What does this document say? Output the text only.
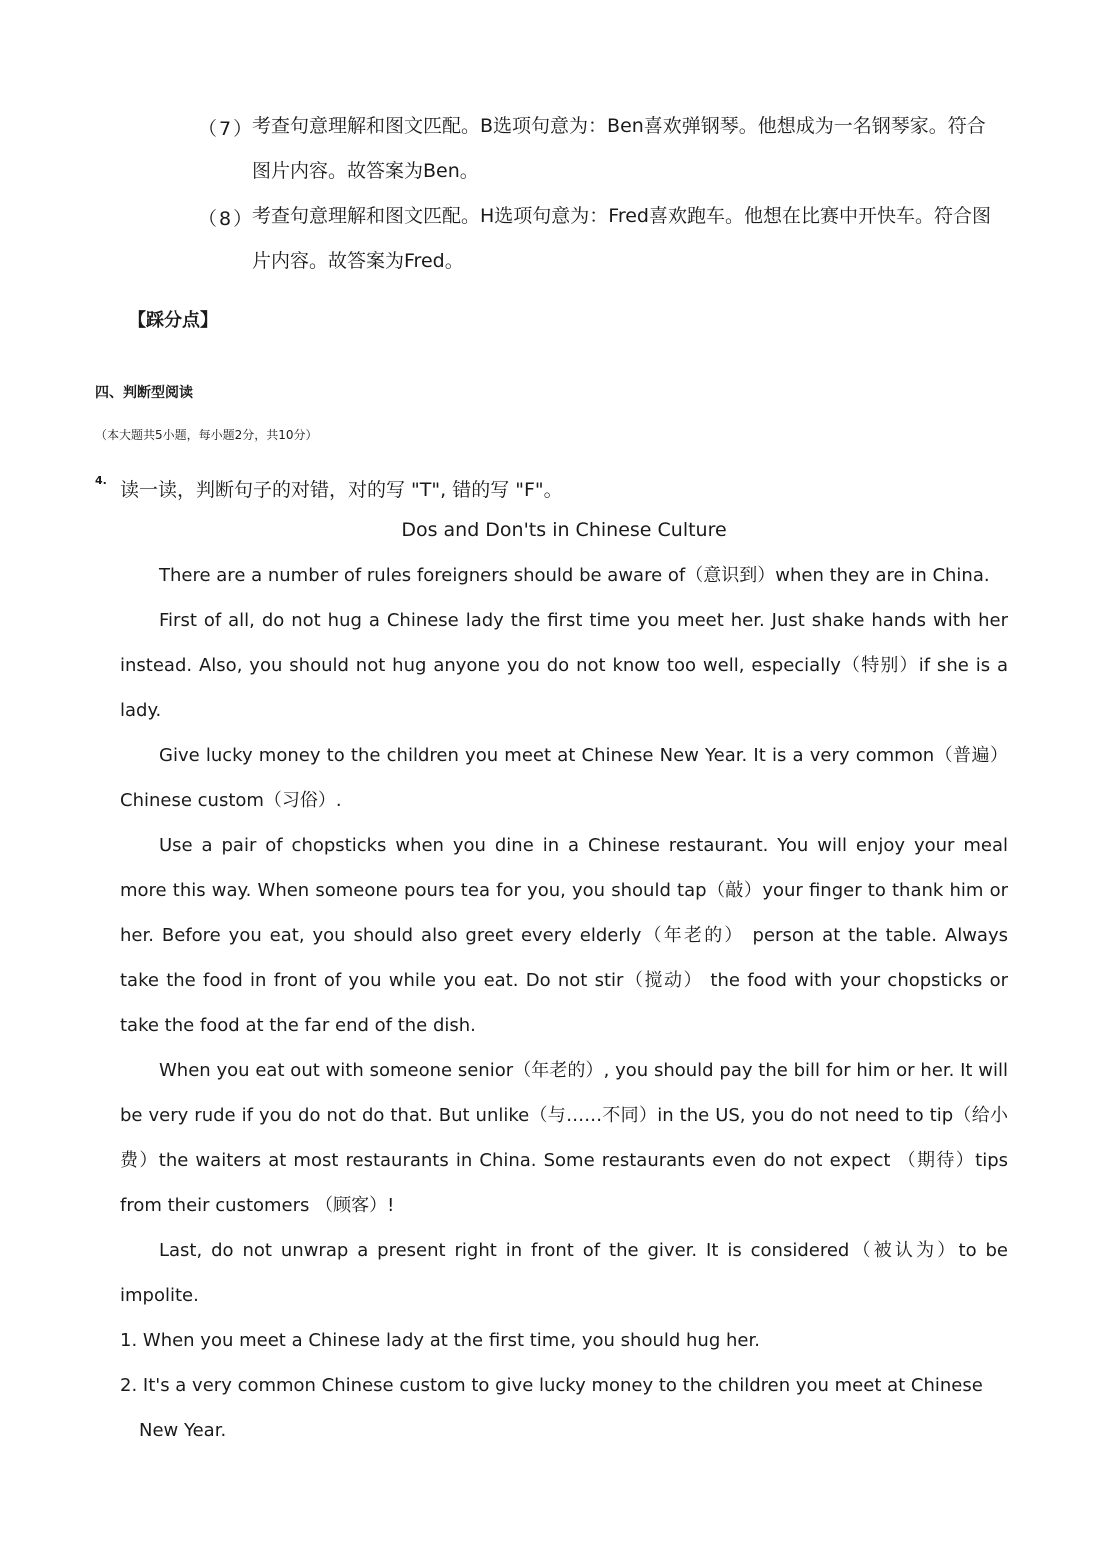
（7）

考查句意理解和图文匹配。B选项句意为：Ben喜欢弹钢琴。他想成为一名钢琴家。符合图片内容。故答案为Ben。

（8）

考查句意理解和图文匹配。H选项句意为：Fred喜欢跑车。他想在比赛中开快车。符合图片内容。故答案为Fred。

【踩分点】
四、判断型阅读
（本大题共5小题，每小题2分，共10分）
4. 读一读，判断句子的对错，对的写 "T", 错的写 "F"。
Dos and Don'ts in Chinese Culture

There are a number of rules foreigners should be aware of（意识到）when they are in China.

First of all, do not hug a Chinese lady the first time you meet her. Just shake hands with her instead. Also, you should not hug anyone you do not know too well, especially（特别）if she is a lady.

Give lucky money to the children you meet at Chinese New Year. It is a very common（普遍）Chinese custom（习俗）.

Use a pair of chopsticks when you dine in a Chinese restaurant. You will enjoy your meal more this way. When someone pours tea for you, you should tap（敲）your finger to thank him or her. Before you eat, you should also greet every elderly（年老的） person at the table. Always take the food in front of you while you eat. Do not stir（搅动） the food with your chopsticks or take the food at the far end of the dish.

When you eat out with someone senior（年老的）, you should pay the bill for him or her. It will be very rude if you do not do that. But unlike（与……不同）in the US, you do not need to tip（给小费）the waiters at most restaurants in China. Some restaurants even do not expect （期待）tips from their customers （顾客）!

Last, do not unwrap a present right in front of the giver. It is considered（被认为）to be impolite.

1. When you meet a Chinese lady at the first time, you should hug her.

2. It's a very common Chinese custom to give lucky money to the children you meet at Chinese New Year.
